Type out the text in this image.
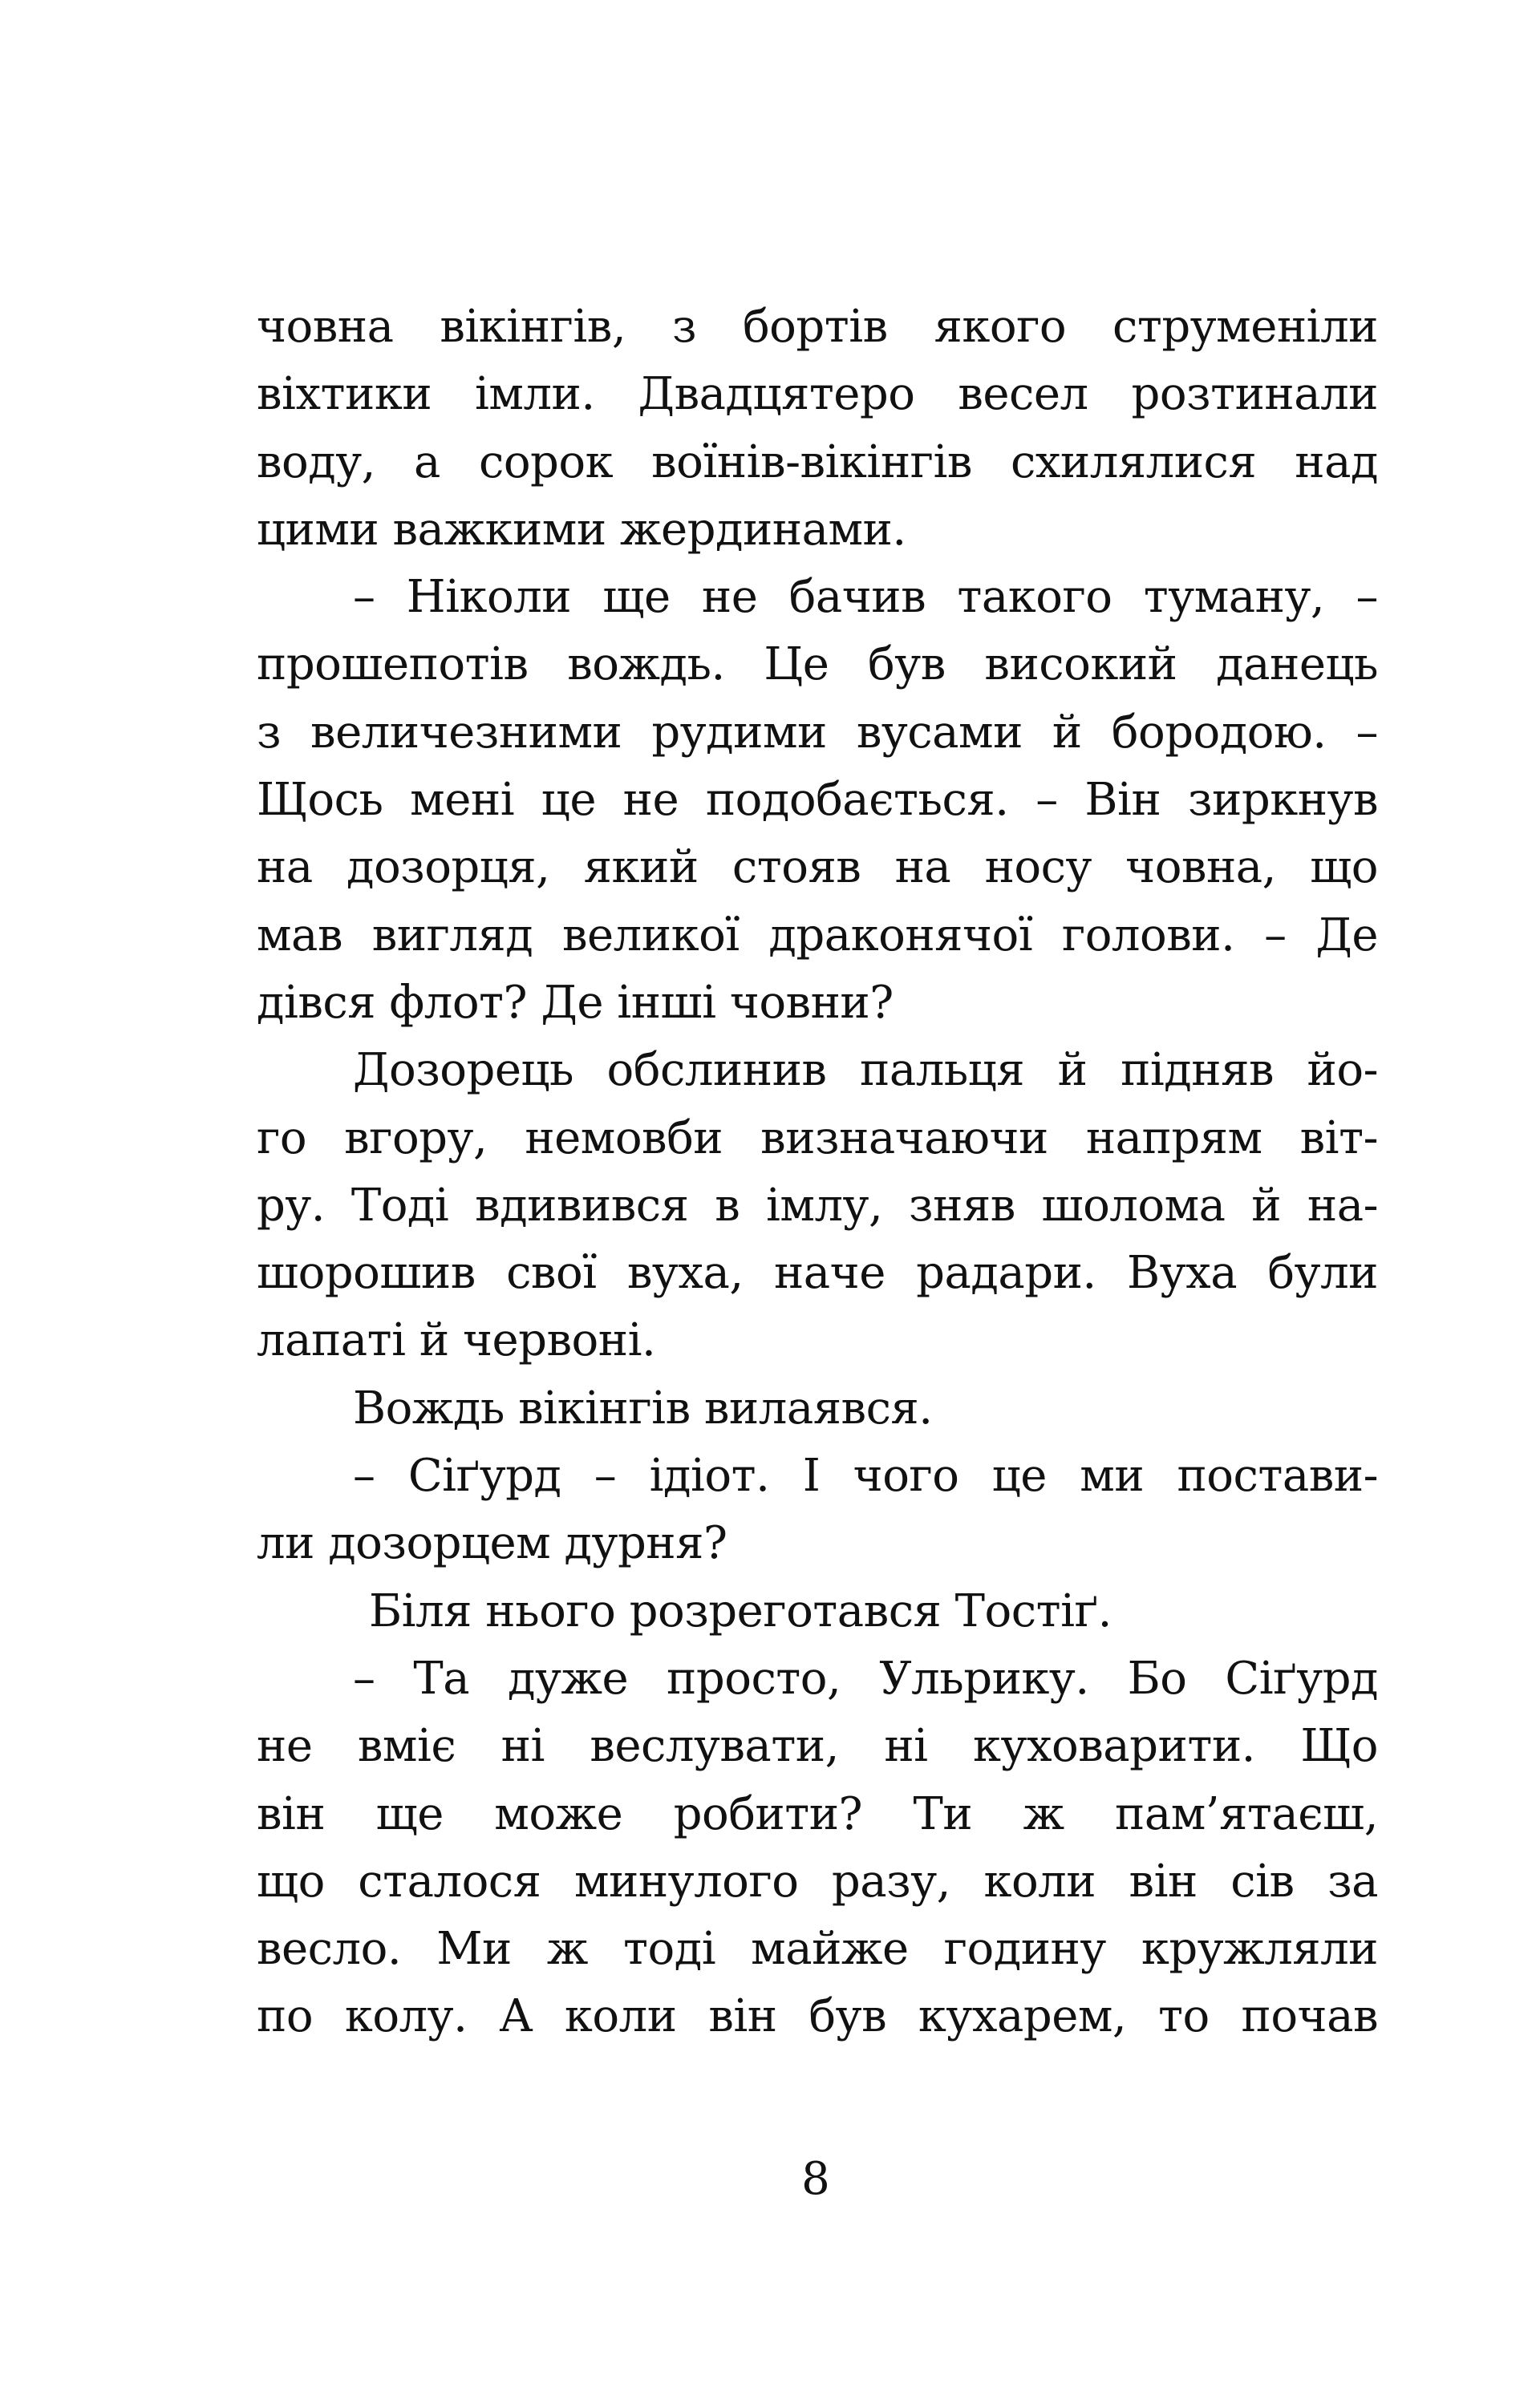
човна вікінгів, з бортів якого струменіли
віхтики імли. Двадцятеро весел розтинали
воду, а сорок воїнів-вікінгів схилялися над
цими важкими жердинами.
– Ніколи ще не бачив такого туману, –
прошепотів вождь. Це був високий данець
з величезними рудими вусами й бородою. –
Щось мені це не подобається. – Він зиркнув
на дозорця, який стояв на носу човна, що
мав вигляд великої драконячої голови. – Де
дівся флот? Де інші човни?
Дозорець обслинив пальця й підняв йо-
го вгору, немовби визначаючи напрям віт-
ру. Тоді вдивився в імлу, зняв шолома й на-
шорошив свої вуха, наче радари. Вуха були
лапаті й червоні.
Вождь вікінгів вилаявся.
– Сіґурд – ідіот. І чого це ми постави-
ли дозорцем дурня?
Біля нього розреготався Тостіґ.
– Та дуже просто, Ульрику. Бо Сіґурд
не вміє ні веслувати, ні куховарити. Що
він ще може робити? Ти ж пам’ятаєш,
що сталося минулого разу, коли він сів за
весло. Ми ж тоді майже годину кружляли
по колу. А коли він був кухарем, то почав
8
